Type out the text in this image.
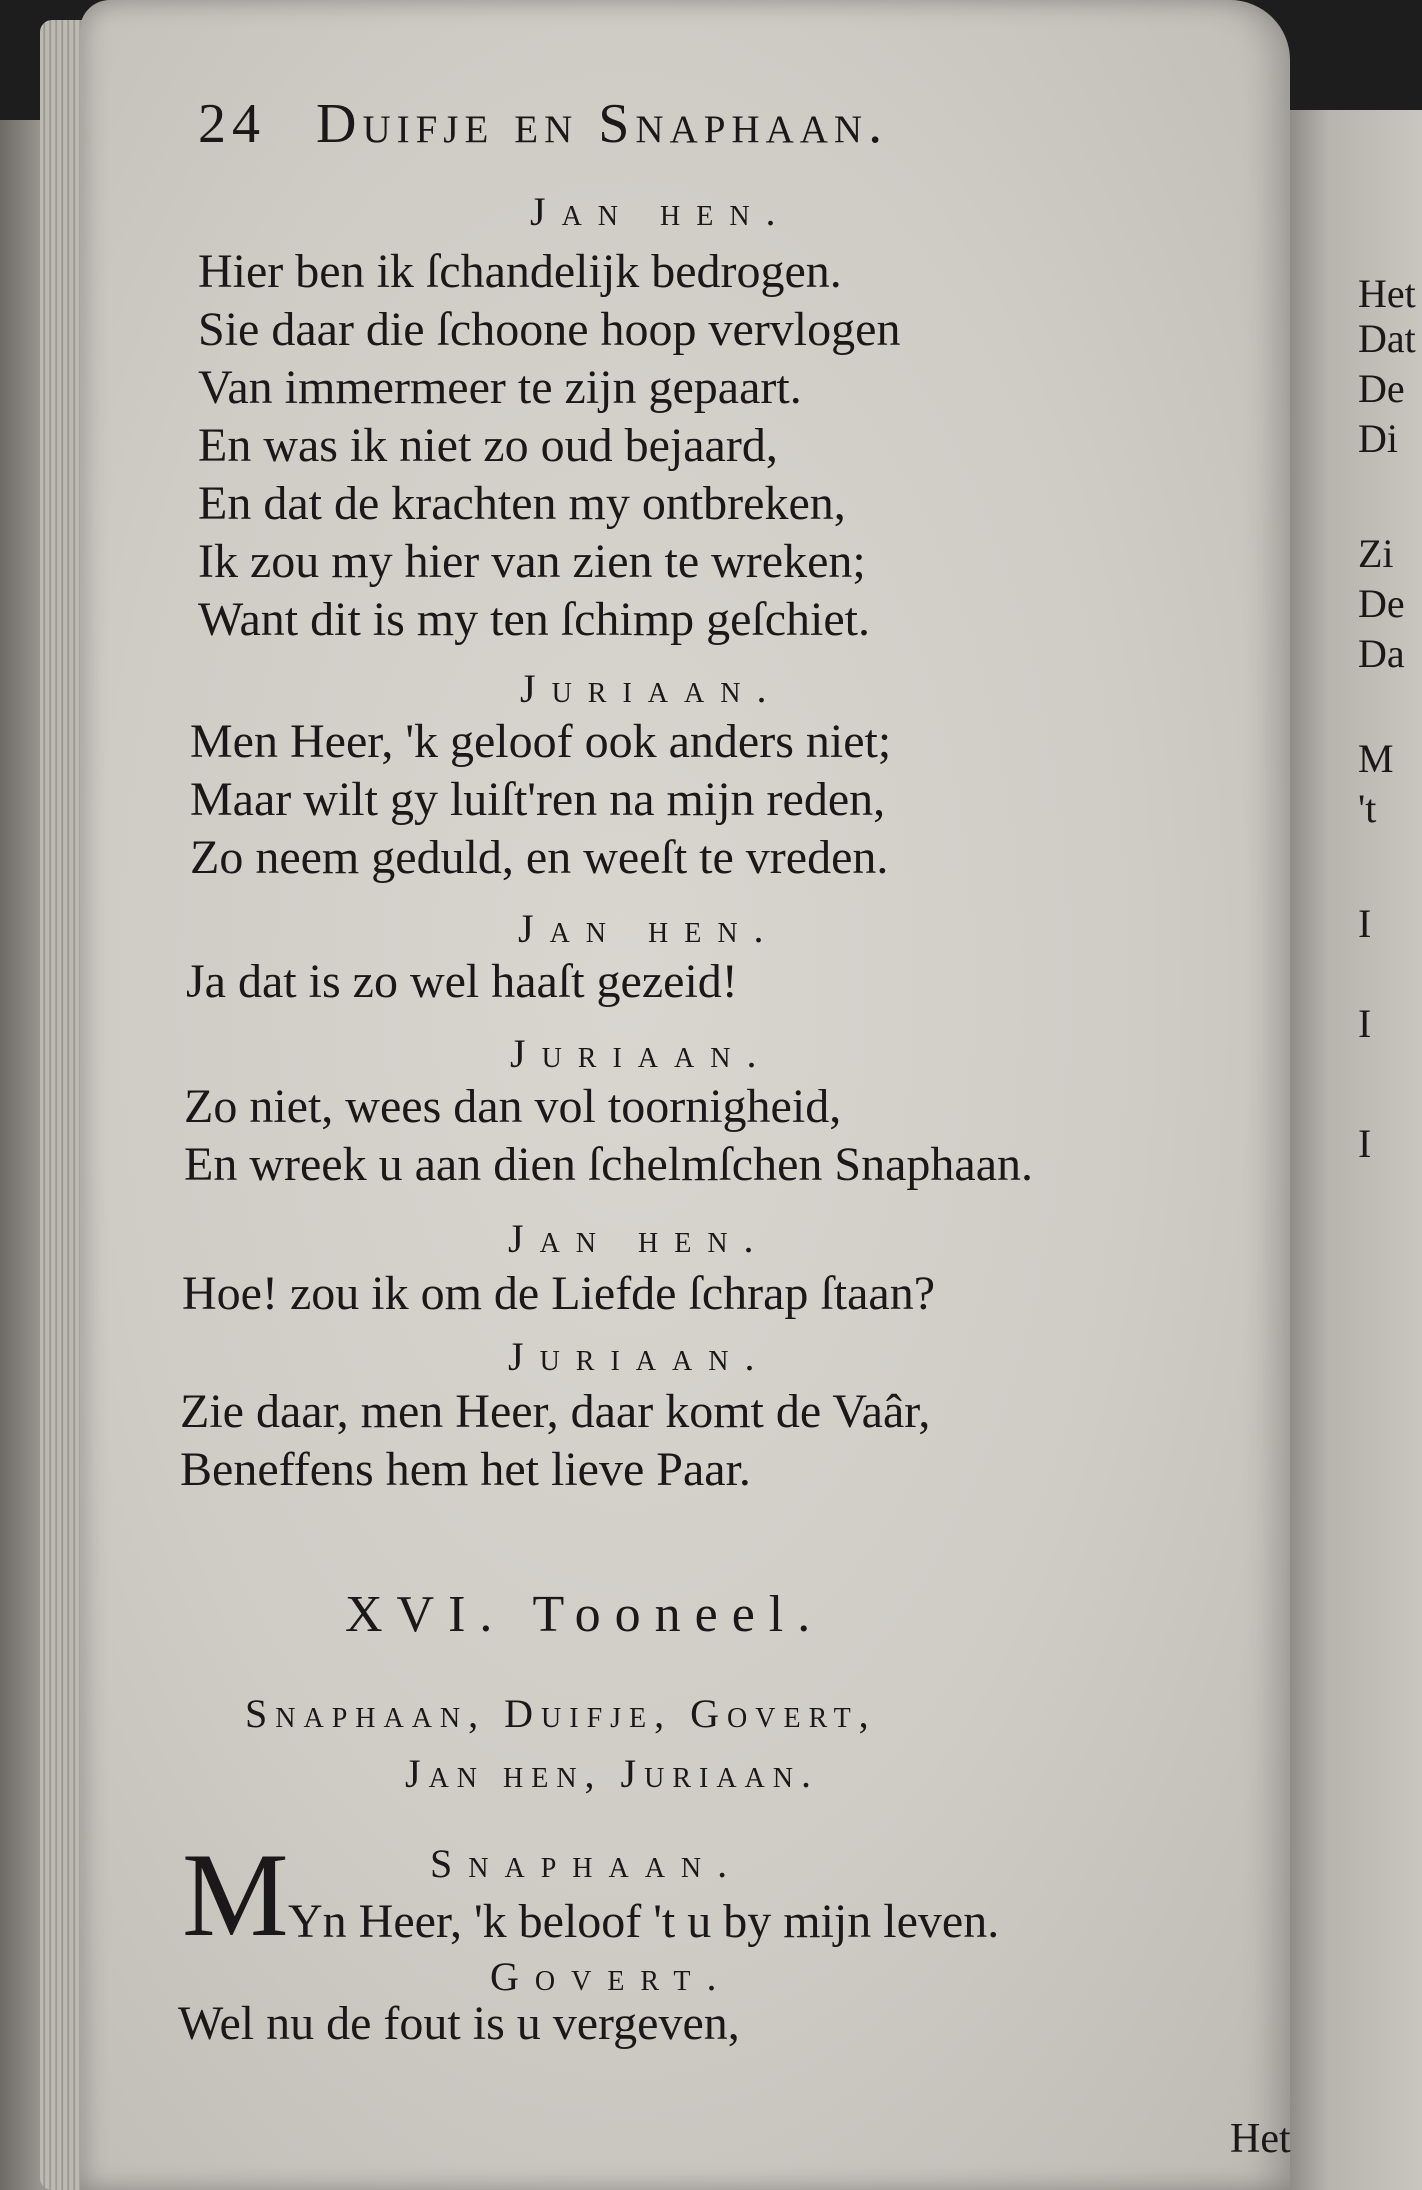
Het
Dat
De
Di
Zi
De
Da
M
't
I
I
I
24 Duifje en Snaphaan.
Jan hen.
Hier ben ik ſchandelijk bedrogen.
Sie daar die ſchoone hoop vervlogen
Van immermeer te zijn gepaart.
En was ik niet zo oud bejaard,
En dat de krachten my ontbreken,
Ik zou my hier van zien te wreken;
Want dit is my ten ſchimp geſchiet.
Juriaan.
Men Heer, 'k geloof ook anders niet;
Maar wilt gy luiſt'ren na mijn reden,
Zo neem geduld, en weeſt te vreden.
Jan hen.
Ja dat is zo wel haaſt gezeid!
Juriaan.
Zo niet, wees dan vol toornigheid,
En wreek u aan dien ſchelmſchen Snaphaan.
Jan hen.
Hoe! zou ik om de Liefde ſchrap ſtaan?
Juriaan.
Zie daar, men Heer, daar komt de Vaâr,
Beneffens hem het lieve Paar.
XVI. Tooneel.
Snaphaan, Duifje, Govert,
Jan hen, Juriaan.
Snaphaan.
M Yn Heer, 'k beloof 't u by mijn leven.
Govert.
Wel nu de fout is u vergeven,
Het
